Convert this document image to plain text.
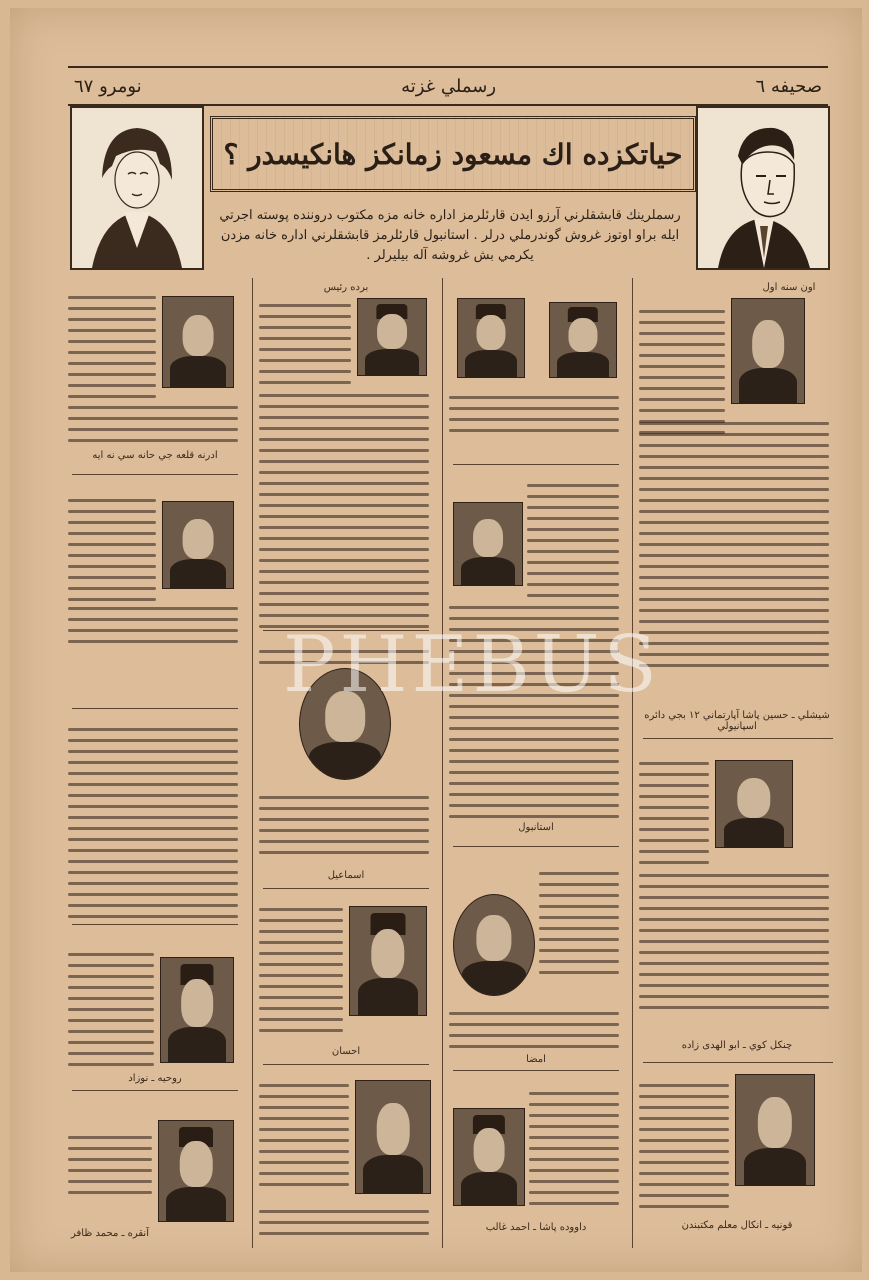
صحيفه ٦
رسملي غزته
نومرو ٦٧
حياتكزده اك مسعود زمانكز هانكيسدر ؟
رسملرينك قابشقلرني آرزو ايدن قارئلرمز اداره خانه مزه مكتوب دروننده پوسته اجرتي ايله براو اوتوز غروش گوندرملي درلر . استانبول قارئلرمز قابشقلرني اداره خانه مزدن يكرمي بش غروشه آله بيليرلر .
ادرنه قلعه جي حانه سي نه ايه
روحيه ـ نوزاد
آنقره ـ محمد ظافر
برده رئيس
اسماعيل
احسان
استانبول
امضا
داووده پاشا ـ احمد غالب
اون سنه اول
شيشلي ـ حسين پاشا آپارتماني ١٢ بجي دائره اسپانيولي
چنكل كوي ـ ابو الهدى زاده
قونيه ـ انكال معلم مكتبندن
PHEBUS
